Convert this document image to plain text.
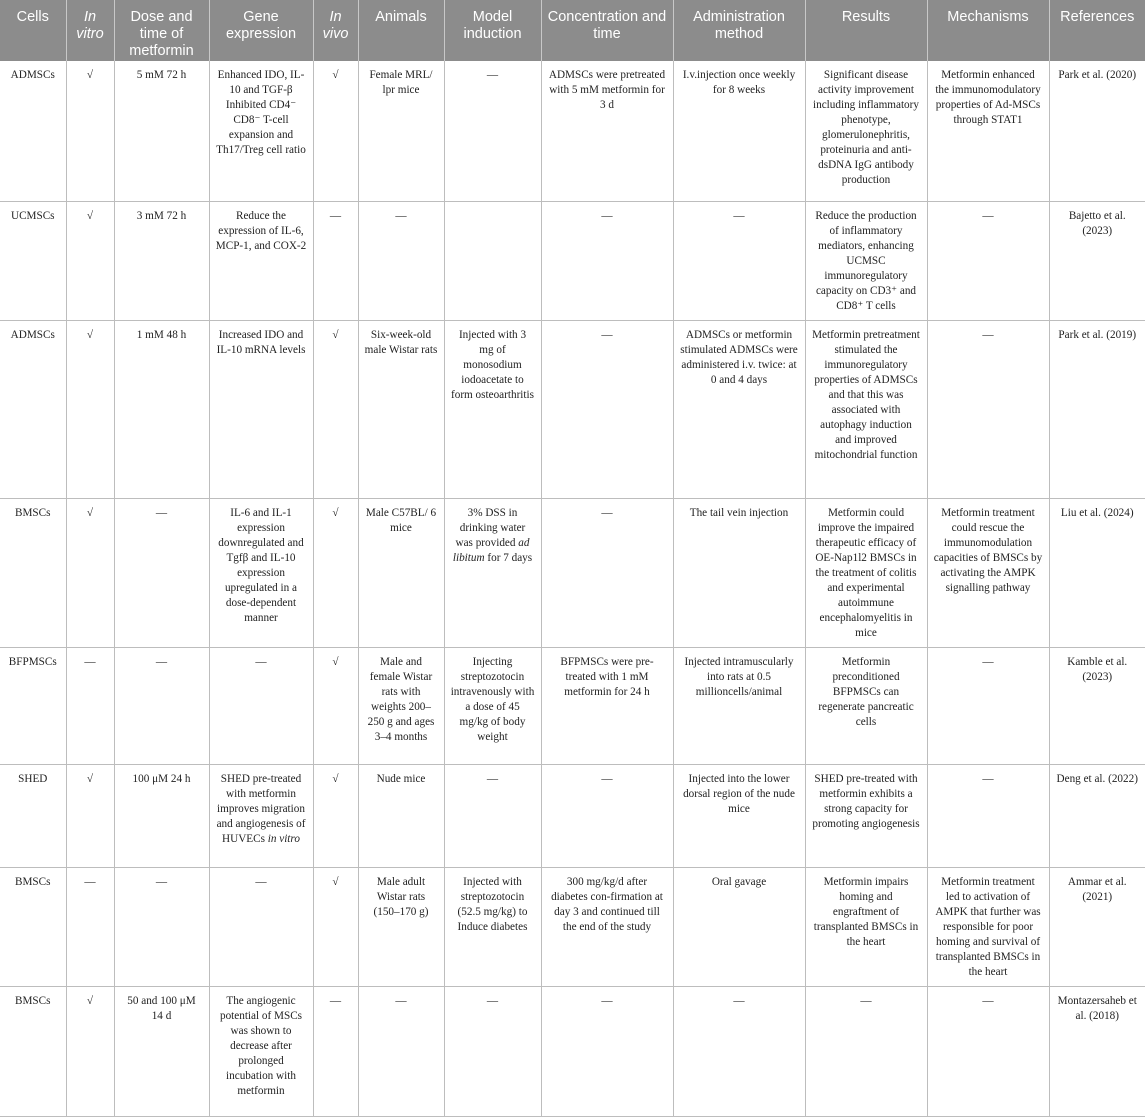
Cells	In vitro	Dose and time of metformin	Gene expression	In vivo	Animals	Model induction	Concentration and time	Administration method	Results	Mechanisms	References
ADMSCs	√	5 mM 72 h	Enhanced IDO, IL-10 and TGF-β Inhibited CD4⁻ CD8⁻ T-cell expansion and Th17/Treg cell ratio	√	Female MRL/ lpr mice	—	ADMSCs were pretreated with 5 mM metformin for 3 d	I.v.injection once weekly for 8 weeks	Significant disease activity improvement including inflammatory phenotype, glomerulonephritis, proteinuria and anti-dsDNA IgG antibody production	Metformin enhanced the immunomodulatory properties of Ad-MSCs through STAT1	Park et al. (2020)
UCMSCs	√	3 mM 72 h	Reduce the expression of IL-6, MCP-1, and COX-2	—	—		—	—	Reduce the production of inflammatory mediators, enhancing UCMSC immunoregulatory capacity on CD3⁺ and CD8⁺ T cells	—	Bajetto et al. (2023)
ADMSCs	√	1 mM 48 h	Increased IDO and IL-10 mRNA levels	√	Six-week-old male Wistar rats	Injected with 3 mg of monosodium iodoacetate to form osteoarthritis	—	ADMSCs or metformin stimulated ADMSCs were administered i.v. twice: at 0 and 4 days	Metformin pretreatment stimulated the immunoregulatory properties of ADMSCs and that this was associated with autophagy induction and improved mitochondrial function	—	Park et al. (2019)
BMSCs	√	—	IL-6 and IL-1 expression downregulated and Tgfβ and IL-10 expression upregulated in a dose-dependent manner	√	Male C57BL/ 6 mice	3% DSS in drinking water was provided ad libitum for 7 days	—	The tail vein injection	Metformin could improve the impaired therapeutic efficacy of OE-Nap1l2 BMSCs in the treatment of colitis and experimental autoimmune encephalomyelitis in mice	Metformin treatment could rescue the immunomodulation capacities of BMSCs by activating the AMPK signalling pathway	Liu et al. (2024)
BFPMSCs	—	—	—	√	Male and female Wistar rats with weights 200–250 g and ages 3–4 months	Injecting streptozotocin intravenously with a dose of 45 mg/kg of body weight	BFPMSCs were pre-treated with 1 mM metformin for 24 h	Injected intramuscularly into rats at 0.5 millioncells/animal	Metformin preconditioned BFPMSCs can regenerate pancreatic cells	—	Kamble et al. (2023)
SHED	√	100 μM 24 h	SHED pre-treated with metformin improves migration and angiogenesis of HUVECs in vitro	√	Nude mice	—	—	Injected into the lower dorsal region of the nude mice	SHED pre-treated with metformin exhibits a strong capacity for promoting angiogenesis	—	Deng et al. (2022)
BMSCs	—	—	—	√	Male adult Wistar rats (150–170 g)	Injected with streptozotocin (52.5 mg/kg) to Induce diabetes	300 mg/kg/d after diabetes con-firmation at day 3 and continued till the end of the study	Oral gavage	Metformin impairs homing and engraftment of transplanted BMSCs in the heart	Metformin treatment led to activation of AMPK that further was responsible for poor homing and survival of transplanted BMSCs in the heart	Ammar et al. (2021)
BMSCs	√	50 and 100 μM 14 d	The angiogenic potential of MSCs was shown to decrease after prolonged incubation with metformin	—	—	—	—	—	—	—	Montazersaheb et al. (2018)
